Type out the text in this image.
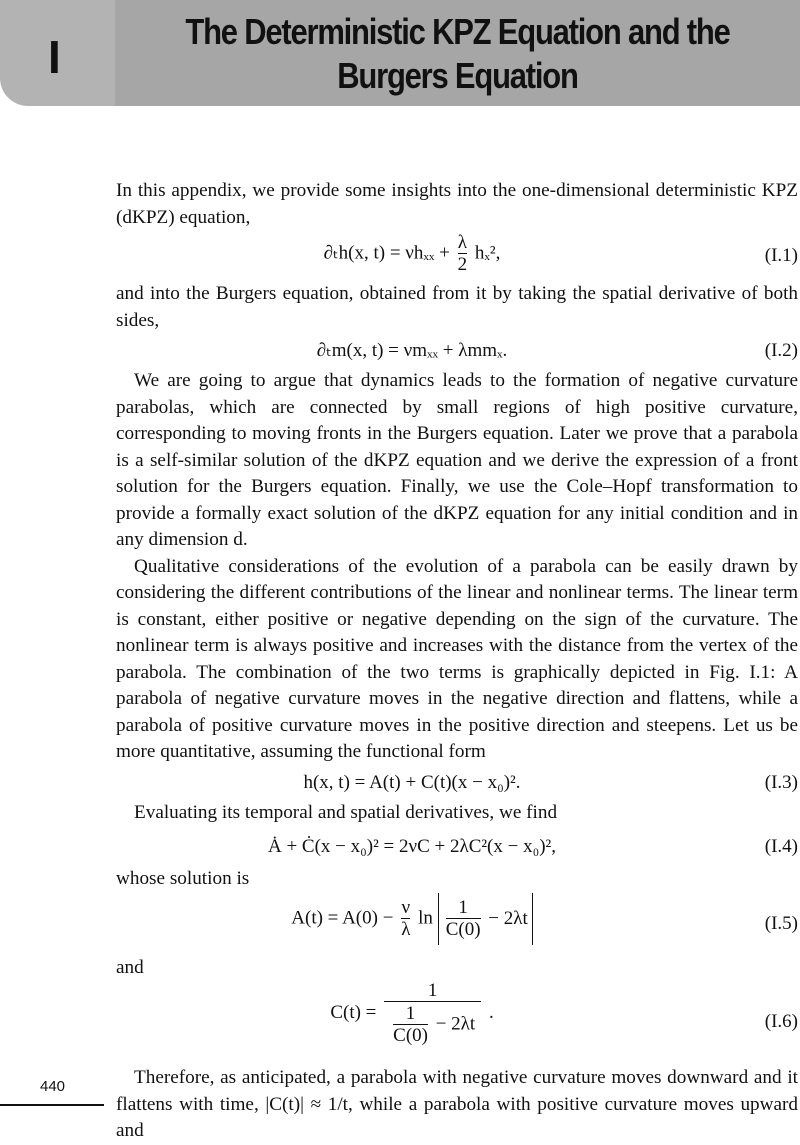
I	The Deterministic KPZ Equation and the
Burgers Equation

In this appendix, we provide some insights into the one-dimensional deterministic KPZ (dKPZ) equation,

∂ₜh(x, $t) = \nu h_{xx} + \frac{\lambda}{2} h_x^2$,	(I.1)

and into the Burgers equation, obtained from it by taking the spatial derivative of both sides,

∂ₜm(x, t) = νmₓₓ + λmmₓ.	(I.2)

We are going to argue that dynamics leads to the formation of negative curvature parabolas, which are connected by small regions of high positive curvature, corresponding to moving fronts in the Burgers equation. Later we prove that a parabola is a self-similar solution of the dKPZ equation and we derive the expression of a front solution for the Burgers equation. Finally, we use the Cole–Hopf transformation to provide a formally exact solution of the dKPZ equation for any initial condition and in any dimension d.

Qualitative considerations of the evolution of a parabola can be easily drawn by considering the different contributions of the linear and nonlinear terms. The linear term is constant, either positive or negative depending on the sign of the curvature. The nonlinear term is always positive and increases with the distance from the vertex of the parabola. The combination of the two terms is graphically depicted in Fig. I.1: A parabola of negative curvature moves in the negative direction and flattens, while a parabola of positive curvature moves in the positive direction and steepens. Let us be more quantitative, assuming the functional form

h(x, t) = A(t) + C(t)(x − x₀)².	(I.3)

Evaluating its temporal and spatial derivatives, we find

Ȧ + Ċ(x − x₀)² = 2νC + 2λC²(x − x₀)²,	(I.4)

whose solution is

$A(t) = A(0) - \frac{\nu}{\lambda}$ $\ln \frac{1}{C(0)} - 2\lambda t$	(I.5)

and

$C(t) = \frac{1}{\frac{1}{C(0)} - 2\lambda t}$ .	(I.6)

Therefore, as anticipated, a parabola with negative curvature moves downward and it flattens with time, |C(t)| ≈ 1/t, while a parabola with positive curvature moves upward and

440
